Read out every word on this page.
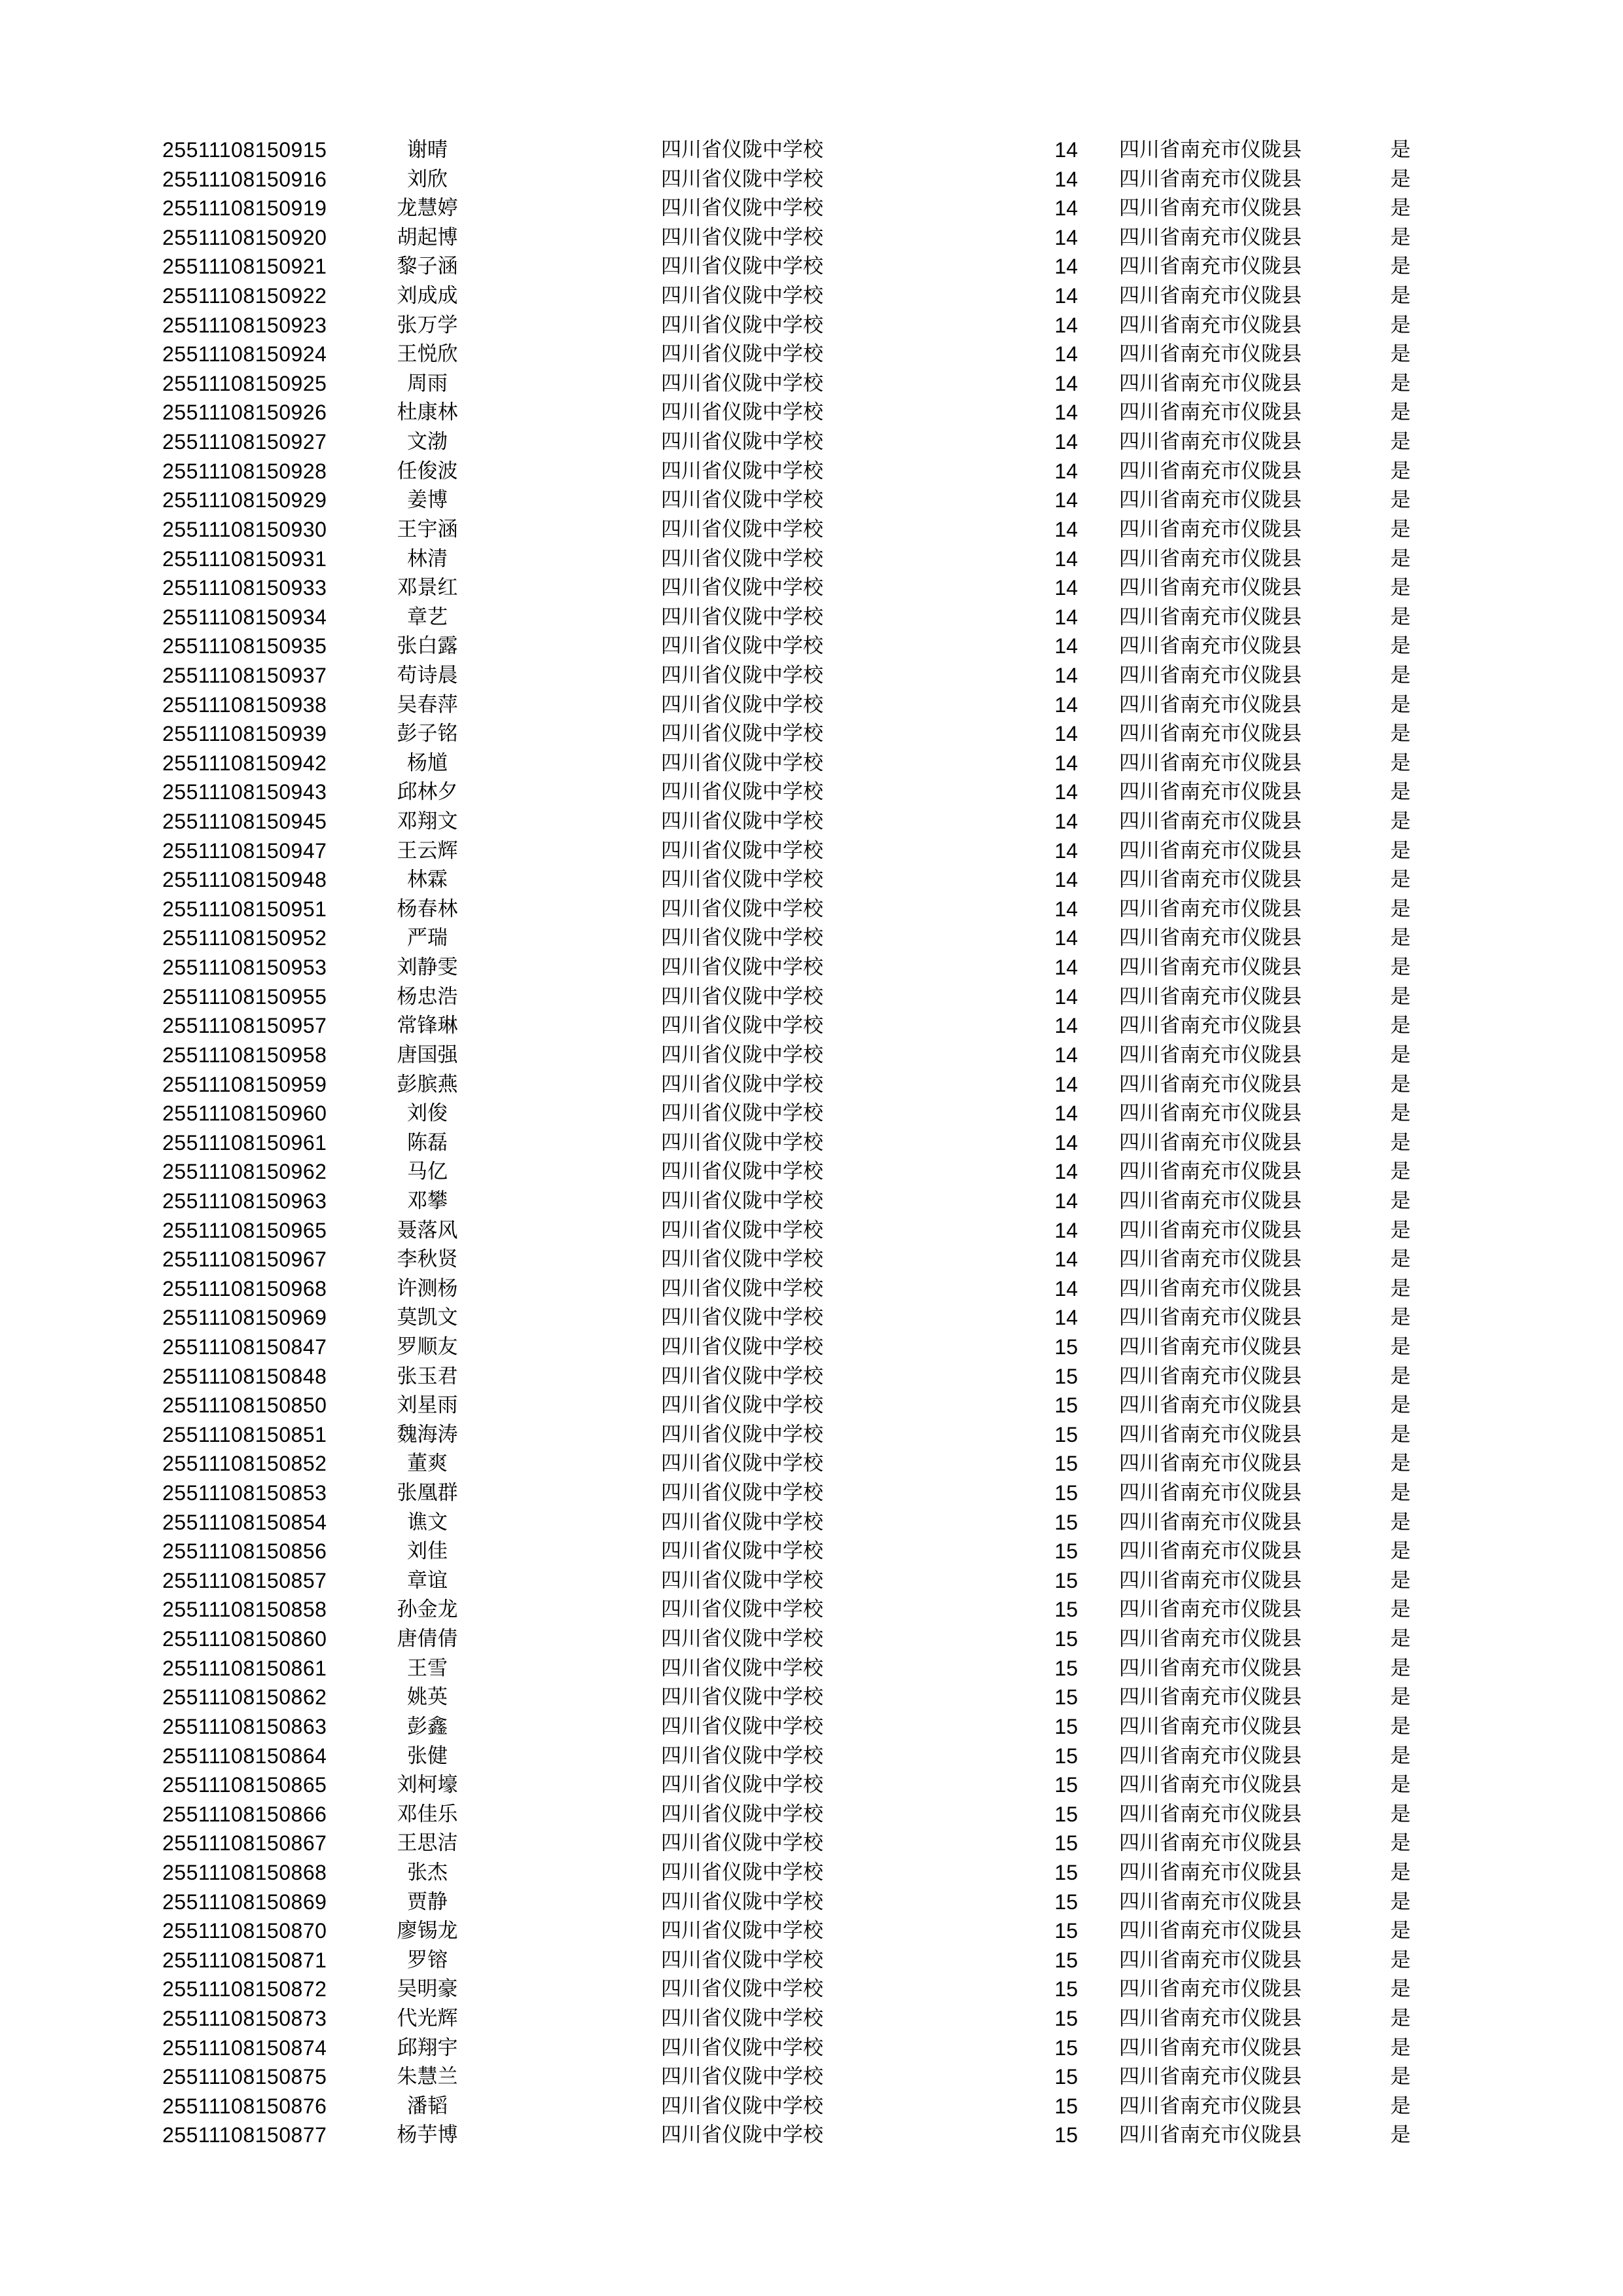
25511108150915	谢晴	四川省仪陇中学校	14 四川省南充市仪陇县	是
25511108150916	刘欣	四川省仪陇中学校	14 四川省南充市仪陇县	是
25511108150919	龙慧婷	四川省仪陇中学校	14 四川省南充市仪陇县	是
25511108150920	胡起博	四川省仪陇中学校	14 四川省南充市仪陇县	是
25511108150921	黎子涵	四川省仪陇中学校	14 四川省南充市仪陇县	是
25511108150922	刘成成	四川省仪陇中学校	14 四川省南充市仪陇县	是
25511108150923	张万学	四川省仪陇中学校	14 四川省南充市仪陇县	是
25511108150924	王悦欣	四川省仪陇中学校	14 四川省南充市仪陇县	是
25511108150925	周雨	四川省仪陇中学校	14 四川省南充市仪陇县	是
25511108150926	杜康林	四川省仪陇中学校	14 四川省南充市仪陇县	是
25511108150927	文渤	四川省仪陇中学校	14 四川省南充市仪陇县	是
25511108150928	任俊波	四川省仪陇中学校	14 四川省南充市仪陇县	是
25511108150929	姜博	四川省仪陇中学校	14 四川省南充市仪陇县	是
25511108150930	王宇涵	四川省仪陇中学校	14 四川省南充市仪陇县	是
25511108150931	林清	四川省仪陇中学校	14 四川省南充市仪陇县	是
25511108150933	邓景红	四川省仪陇中学校	14 四川省南充市仪陇县	是
25511108150934	章艺	四川省仪陇中学校	14 四川省南充市仪陇县	是
25511108150935	张白露	四川省仪陇中学校	14 四川省南充市仪陇县	是
25511108150937	苟诗晨	四川省仪陇中学校	14 四川省南充市仪陇县	是
25511108150938	吴春萍	四川省仪陇中学校	14 四川省南充市仪陇县	是
25511108150939	彭子铭	四川省仪陇中学校	14 四川省南充市仪陇县	是
25511108150942	杨馗	四川省仪陇中学校	14 四川省南充市仪陇县	是
25511108150943	邱林夕	四川省仪陇中学校	14 四川省南充市仪陇县	是
25511108150945	邓翔文	四川省仪陇中学校	14 四川省南充市仪陇县	是
25511108150947	王云辉	四川省仪陇中学校	14 四川省南充市仪陇县	是
25511108150948	林霖	四川省仪陇中学校	14 四川省南充市仪陇县	是
25511108150951	杨春林	四川省仪陇中学校	14 四川省南充市仪陇县	是
25511108150952	严瑞	四川省仪陇中学校	14 四川省南充市仪陇县	是
25511108150953	刘静雯	四川省仪陇中学校	14 四川省南充市仪陇县	是
25511108150955	杨忠浩	四川省仪陇中学校	14 四川省南充市仪陇县	是
25511108150957	常锋琳	四川省仪陇中学校	14 四川省南充市仪陇县	是
25511108150958	唐国强	四川省仪陇中学校	14 四川省南充市仪陇县	是
25511108150959	彭膑燕	四川省仪陇中学校	14 四川省南充市仪陇县	是
25511108150960	刘俊	四川省仪陇中学校	14 四川省南充市仪陇县	是
25511108150961	陈磊	四川省仪陇中学校	14 四川省南充市仪陇县	是
25511108150962	马亿	四川省仪陇中学校	14 四川省南充市仪陇县	是
25511108150963	邓攀	四川省仪陇中学校	14 四川省南充市仪陇县	是
25511108150965	聂落风	四川省仪陇中学校	14 四川省南充市仪陇县	是
25511108150967	李秋贤	四川省仪陇中学校	14 四川省南充市仪陇县	是
25511108150968	许测杨	四川省仪陇中学校	14 四川省南充市仪陇县	是
25511108150969	莫凯文	四川省仪陇中学校	14 四川省南充市仪陇县	是
25511108150847	罗顺友	四川省仪陇中学校	15 四川省南充市仪陇县	是
25511108150848	张玉君	四川省仪陇中学校	15 四川省南充市仪陇县	是
25511108150850	刘星雨	四川省仪陇中学校	15 四川省南充市仪陇县	是
25511108150851	魏海涛	四川省仪陇中学校	15 四川省南充市仪陇县	是
25511108150852	董爽	四川省仪陇中学校	15 四川省南充市仪陇县	是
25511108150853	张凰群	四川省仪陇中学校	15 四川省南充市仪陇县	是
25511108150854	谯文	四川省仪陇中学校	15 四川省南充市仪陇县	是
25511108150856	刘佳	四川省仪陇中学校	15 四川省南充市仪陇县	是
25511108150857	章谊	四川省仪陇中学校	15 四川省南充市仪陇县	是
25511108150858	孙金龙	四川省仪陇中学校	15 四川省南充市仪陇县	是
25511108150860	唐倩倩	四川省仪陇中学校	15 四川省南充市仪陇县	是
25511108150861	王雪	四川省仪陇中学校	15 四川省南充市仪陇县	是
25511108150862	姚英	四川省仪陇中学校	15 四川省南充市仪陇县	是
25511108150863	彭鑫	四川省仪陇中学校	15 四川省南充市仪陇县	是
25511108150864	张健	四川省仪陇中学校	15 四川省南充市仪陇县	是
25511108150865	刘柯壕	四川省仪陇中学校	15 四川省南充市仪陇县	是
25511108150866	邓佳乐	四川省仪陇中学校	15 四川省南充市仪陇县	是
25511108150867	王思洁	四川省仪陇中学校	15 四川省南充市仪陇县	是
25511108150868	张杰	四川省仪陇中学校	15 四川省南充市仪陇县	是
25511108150869	贾静	四川省仪陇中学校	15 四川省南充市仪陇县	是
25511108150870	廖锡龙	四川省仪陇中学校	15 四川省南充市仪陇县	是
25511108150871	罗镕	四川省仪陇中学校	15 四川省南充市仪陇县	是
25511108150872	吴明豪	四川省仪陇中学校	15 四川省南充市仪陇县	是
25511108150873	代光辉	四川省仪陇中学校	15 四川省南充市仪陇县	是
25511108150874	邱翔宇	四川省仪陇中学校	15 四川省南充市仪陇县	是
25511108150875	朱慧兰	四川省仪陇中学校	15 四川省南充市仪陇县	是
25511108150876	潘韬	四川省仪陇中学校	15 四川省南充市仪陇县	是
25511108150877	杨芋博	四川省仪陇中学校	15 四川省南充市仪陇县	是
